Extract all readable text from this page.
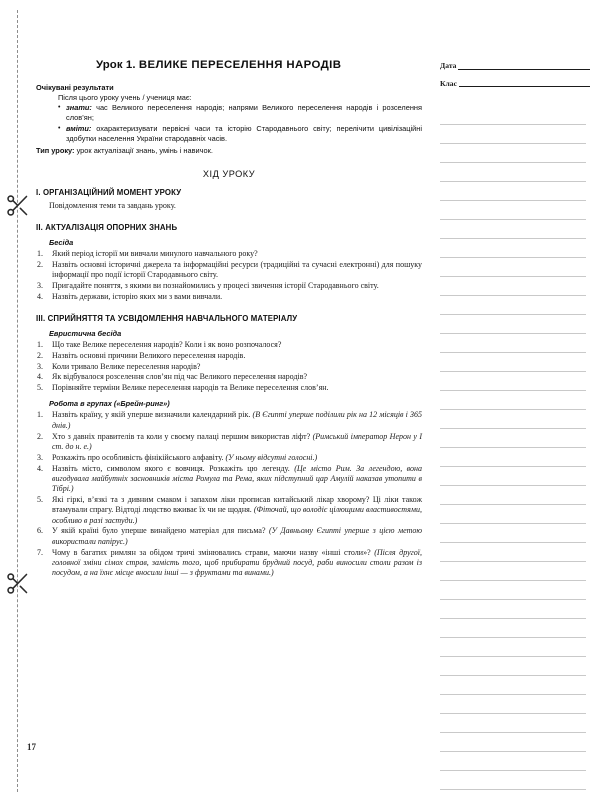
17
Урок 1. ВЕЛИКЕ ПЕРЕСЕЛЕННЯ НАРОДІВ
Очікувані результати
Після цього уроку учень / учениця має:
• знати: час Великого переселення народів; напрями Великого переселення народів і розселення слов’ян;
• вміти: охарактеризувати первісні часи та історію Стародавнього світу; перелічити цивілізаційні здобутки населення України стародавніх часів.
Тип уроку: урок актуалізації знань, умінь і навичок.
ХІД УРОКУ
I. ОРГАНІЗАЦІЙНИЙ МОМЕНТ УРОКУ
Повідомлення теми та завдань уроку.
II. АКТУАЛІЗАЦІЯ ОПОРНИХ ЗНАНЬ
Бесіда
Який період історії ми вивчали минулого навчального року?
Назвіть основні історичні джерела та інформаційні ресурси (традиційні та сучасні електронні) для пошуку інформації про події історії Стародавнього світу.
Пригадайте поняття, з якими ви познайомились у процесі звичення історії Стародавнього світу.
Назвіть держави, історію яких ми з вами вивчали.
III. СПРИЙНЯТТЯ ТА УСВІДОМЛЕННЯ НАВЧАЛЬНОГО МАТЕРІАЛУ
Евристична бесіда
Що таке Велике переселення народів? Коли і як воно розпочалося?
Назвіть основні причини Великого переселення народів.
Коли тривало Велике переселення народів?
Як відбувалося розселення слов’ян під час Великого переселення народів?
Порівняйте терміни Велике переселення народів та Велике переселення слов’ян.
Робота в групах («Брейн-ринг»)
Назвіть країну, у якій уперше визначили календарний рік. (В Єгипті уперше поділили рік на 12 місяців і 365 днів.)
Хто з давніх правителів та коли у своєму палаці першим використав ліфт? (Римський імператор Нерон у I ст. до н. е.)
Розкажіть про особливість фінікійського алфавіту. (У ньому відсутні голосні.)
Назвіть місто, символом якого є вовчиця. Розкажіть цю легенду. (Це місто Рим. За легендою, вона вигодувала майбутніх засновників міста Ромула та Рема, яких підступний цар Амулій наказав утопити в Тібрі.)
Які гіркі, в’язкі та з дивним смаком і запахом ліки прописав китайський лікар хворому? Ці ліки також втамували спрагу. Відтоді людство вживає їх чи не щодня. (Фіточай, що володіє цілющими властивостями, особливо в разі застуди.)
У якій країні було уперше винайдено матеріал для письма? (У Давньому Єгипті уперше з цією метою використали папірус.)
Чому в багатих римлян за обідом тричі змінювались страви, маючи назву «інші столи»? (Після другої, головної зміни сімох страв, замість того, щоб прибирати брудний посуд, раби виносили столи разом із посудом, а на їхнє місце вносили інші — з фруктами та винами.)
Дата
Клас
